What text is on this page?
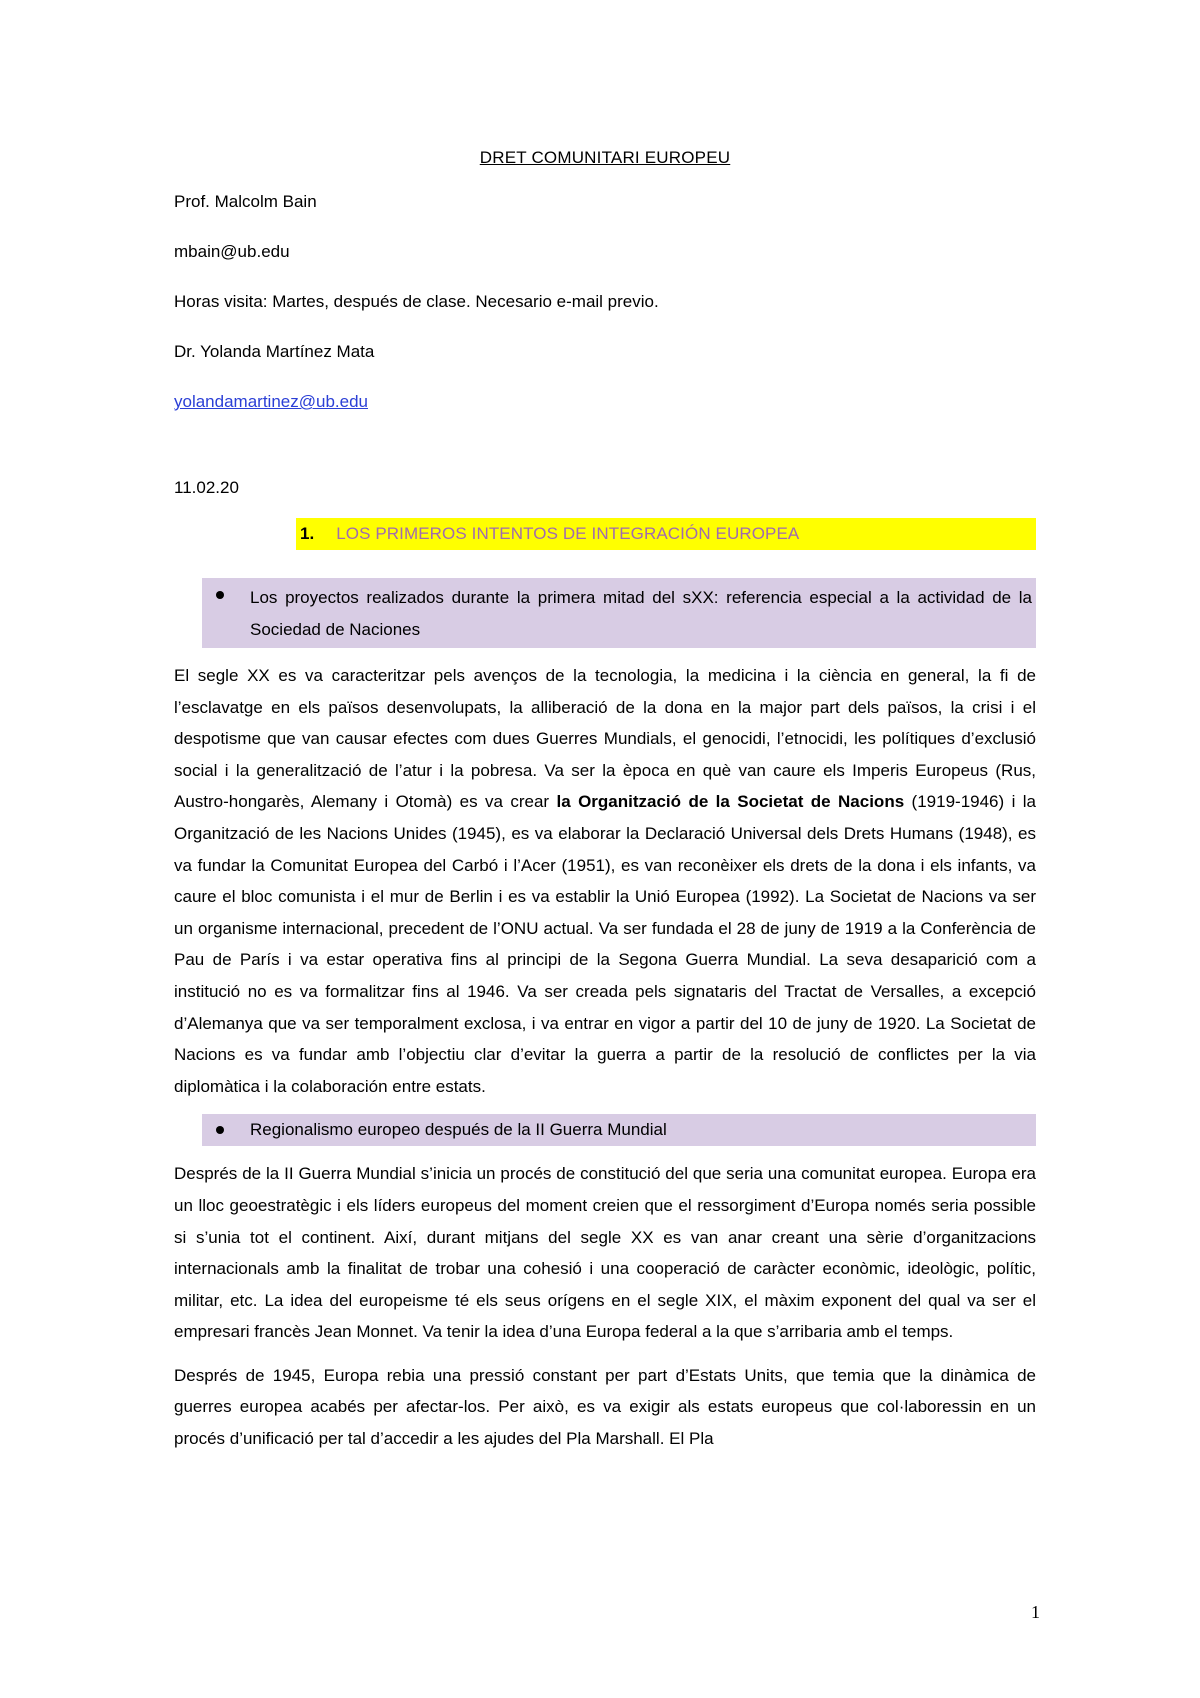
DRET COMUNITARI EUROPEU
Prof. Malcolm Bain
mbain@ub.edu
Horas visita: Martes, después de clase. Necesario e-mail previo.
Dr. Yolanda Martínez Mata
yolandamartinez@ub.edu
11.02.20
1. LOS PRIMEROS INTENTOS DE INTEGRACIÓN EUROPEA
Los proyectos realizados durante la primera mitad del sXX: referencia especial a la actividad de la Sociedad de Naciones

El segle XX es va caracteritzar pels avenços de la tecnologia, la medicina i la ciència en general, la fi de l’esclavatge en els països desenvolupats, la alliberació de la dona en la major part dels països, la crisi i el despotisme que van causar efectes com dues Guerres Mundials, el genocidi, l’etnocidi, les polítiques d’exclusió social i la generalització de l’atur i la pobresa. Va ser la època en què van caure els Imperis Europeus (Rus, Austro-hongarès, Alemany i Otomà) es va crear la Organització de la Societat de Nacions (1919-1946) i la Organització de les Nacions Unides (1945), es va elaborar la Declaració Universal dels Drets Humans (1948), es va fundar la Comunitat Europea del Carbó i l’Acer (1951), es van reconèixer els drets de la dona i els infants, va caure el bloc comunista i el mur de Berlin i es va establir la Unió Europea (1992). La Societat de Nacions va ser un organisme internacional, precedent de l’ONU actual. Va ser fundada el 28 de juny de 1919 a la Conferència de Pau de París i va estar operativa fins al principi de la Segona Guerra Mundial. La seva desaparició com a institució no es va formalitzar fins al 1946. Va ser creada pels signataris del Tractat de Versalles, a excepció d’Alemanya que va ser temporalment exclosa, i va entrar en vigor a partir del 10 de juny de 1920. La Societat de Nacions es va fundar amb l’objectiu clar d’evitar la guerra a partir de la resolució de conflictes per la via diplomàtica i la colaboración entre estats.

Regionalismo europeo después de la II Guerra Mundial

Després de la II Guerra Mundial s’inicia un procés de constitució del que seria una comunitat europea. Europa era un lloc geoestratègic i els líders europeus del moment creien que el ressorgiment d’Europa només seria possible si s’unia tot el continent. Així, durant mitjans del segle XX es van anar creant una sèrie d’organitzacions internacionals amb la finalitat de trobar una cohesió i una cooperació de caràcter econòmic, ideològic, polític, militar, etc. La idea del europeisme té els seus orígens en el segle XIX, el màxim exponent del qual va ser el empresari francès Jean Monnet. Va tenir la idea d’una Europa federal a la que s’arribaria amb el temps.

Després de 1945, Europa rebia una pressió constant per part d’Estats Units, que temia que la dinàmica de guerres europea acabés per afectar-los. Per això, es va exigir als estats europeus que col·laboressin en un procés d’unificació per tal d’accedir a les ajudes del Pla Marshall. El Pla

1
